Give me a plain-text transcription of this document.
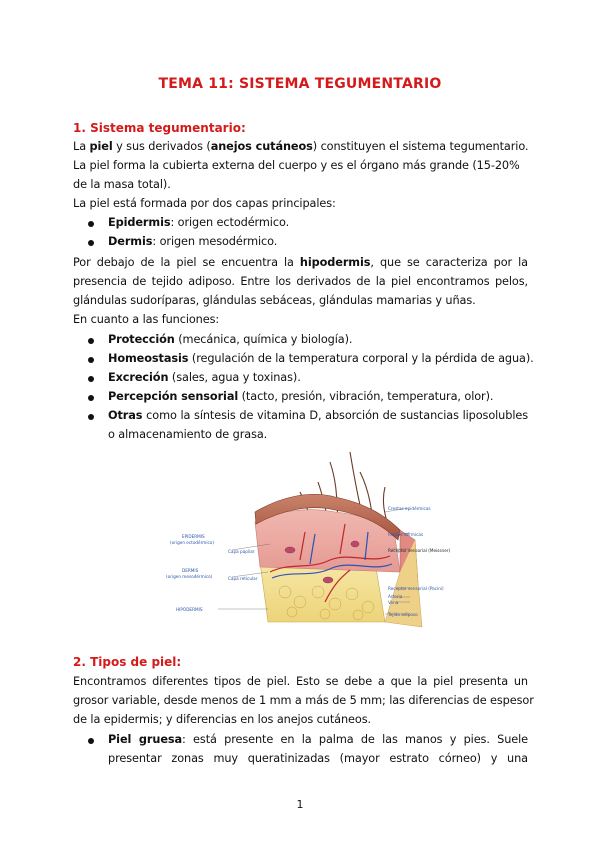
TEMA 11: SISTEMA TEGUMENTARIO
1. Sistema tegumentario:
La piel y sus derivados (anejos cutáneos) constituyen el sistema tegumentario.
La piel forma la cubierta externa del cuerpo y es el órgano más grande (15-20%
de la masa total).
La piel está formada por dos capas principales:
Epidermis: origen ectodérmico.
Dermis: origen mesodérmico.
Por debajo de la piel se encuentra la hipodermis, que se caracteriza por la
presencia de tejido adiposo. Entre los derivados de la piel encontramos pelos,
glándulas sudoríparas, glándulas sebáceas, glándulas mamarias y uñas.
En cuanto a las funciones:
Protección (mecánica, química y biología).
Homeostasis (regulación de la temperatura corporal y la pérdida de agua).
Excreción (sales, agua y toxinas).
Percepción sensorial (tacto, presión, vibración, temperatura, olor).
Otras como la síntesis de vitamina D, absorción de sustancias liposolubles
o almacenamiento de grasa.
EPIDERMIS
(origen ectodérmico)
DERMIS
(origen mesodérmico)
HIPODERMIS
Capa papilar
Capa reticular
Crestas epidérmicas
Papilas dérmicas
Receptor sensorial (Meissner)
Receptor sensorial (Pacini)
Arteria
Vena
Tejido adiposo
2. Tipos de piel:
Encontramos diferentes tipos de piel. Esto se debe a que la piel presenta un
grosor variable, desde menos de 1 mm a más de 5 mm; las diferencias de espesor
de la epidermis; y diferencias en los anejos cutáneos.
Piel gruesa: está presente en la palma de las manos y pies. Suele
presentar zonas muy queratinizadas (mayor estrato córneo) y una
1
